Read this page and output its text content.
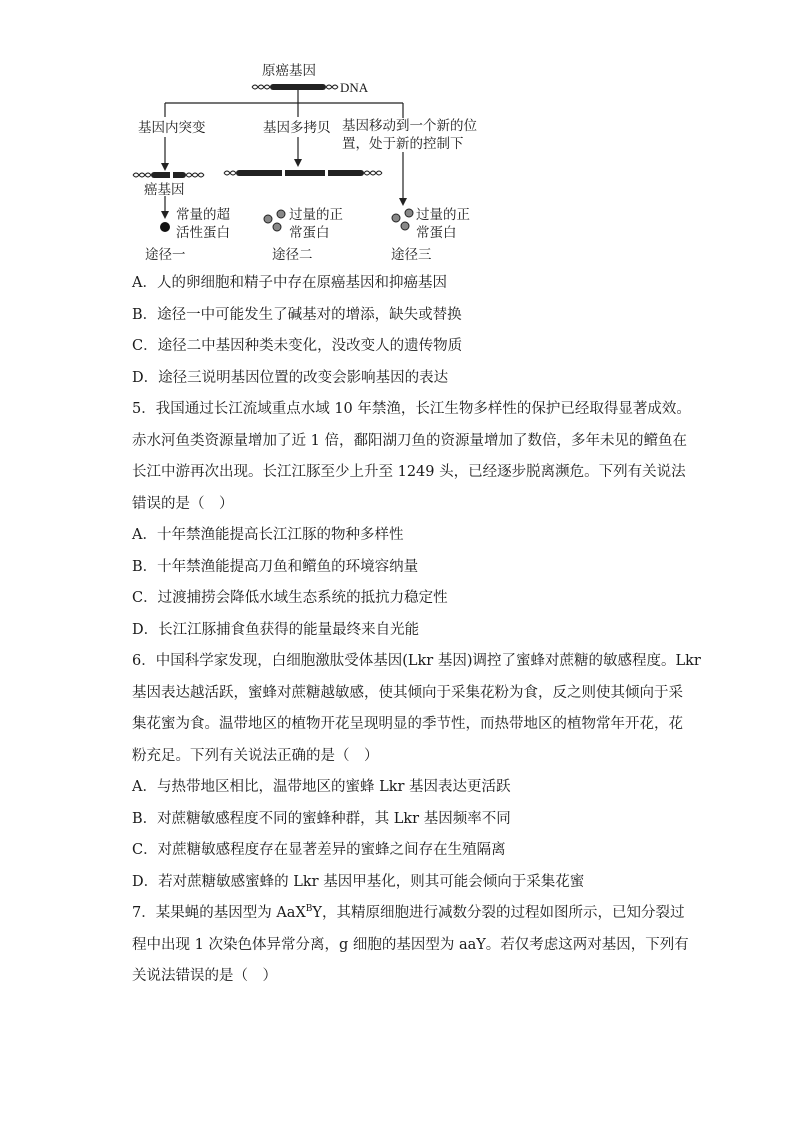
原癌基因
DNA
基因内突变	基因多拷贝 基因移动到一个新的位
置，处于新的控制下
癌基因
常量的超
活性蛋白
过量的正
常蛋白
过量的正
常蛋白
途径一	途径二	途径三

A．人的卵细胞和精子中存在原癌基因和抑癌基因

B．途径一中可能发生了碱基对的增添，缺失或替换

C．途径二中基因种类未变化，没改变人的遗传物质

D．途径三说明基因位置的改变会影响基因的表达

5．我国通过长江流域重点水域 10 年禁渔，长江生物多样性的保护已经取得显著成效。

赤水河鱼类资源量增加了近 1 倍，鄱阳湖刀鱼的资源量增加了数倍，多年未见的鳤鱼在

长江中游再次出现。长江江豚至少上升至 1249 头，已经逐步脱离濒危。下列有关说法

错误的是（　）

A．十年禁渔能提高长江江豚的物种多样性

B．十年禁渔能提高刀鱼和鳤鱼的环境容纳量

C．过渡捕捞会降低水域生态系统的抵抗力稳定性

D．长江江豚捕食鱼获得的能量最终来自光能

6．中国科学家发现，白细胞激肽受体基因(Lkr 基因)调控了蜜蜂对蔗糖的敏感程度。Lkr

基因表达越活跃，蜜蜂对蔗糖越敏感，使其倾向于采集花粉为食，反之则使其倾向于采

集花蜜为食。温带地区的植物开花呈现明显的季节性，而热带地区的植物常年开花，花

粉充足。下列有关说法正确的是（　）

A．与热带地区相比，温带地区的蜜蜂 Lkr 基因表达更活跃

B．对蔗糖敏感程度不同的蜜蜂种群，其 Lkr 基因频率不同

C．对蔗糖敏感程度存在显著差异的蜜蜂之间存在生殖隔离

D．若对蔗糖敏感蜜蜂的 Lkr 基因甲基化，则其可能会倾向于采集花蜜

7．某果蝇的基因型为 AaX$^B$Y，其精原细胞进行减数分裂的过程如图所示，已知分裂过

程中出现 1 次染色体异常分离，g 细胞的基因型为 aaY。若仅考虑这两对基因，下列有

关说法错误的是（　）
